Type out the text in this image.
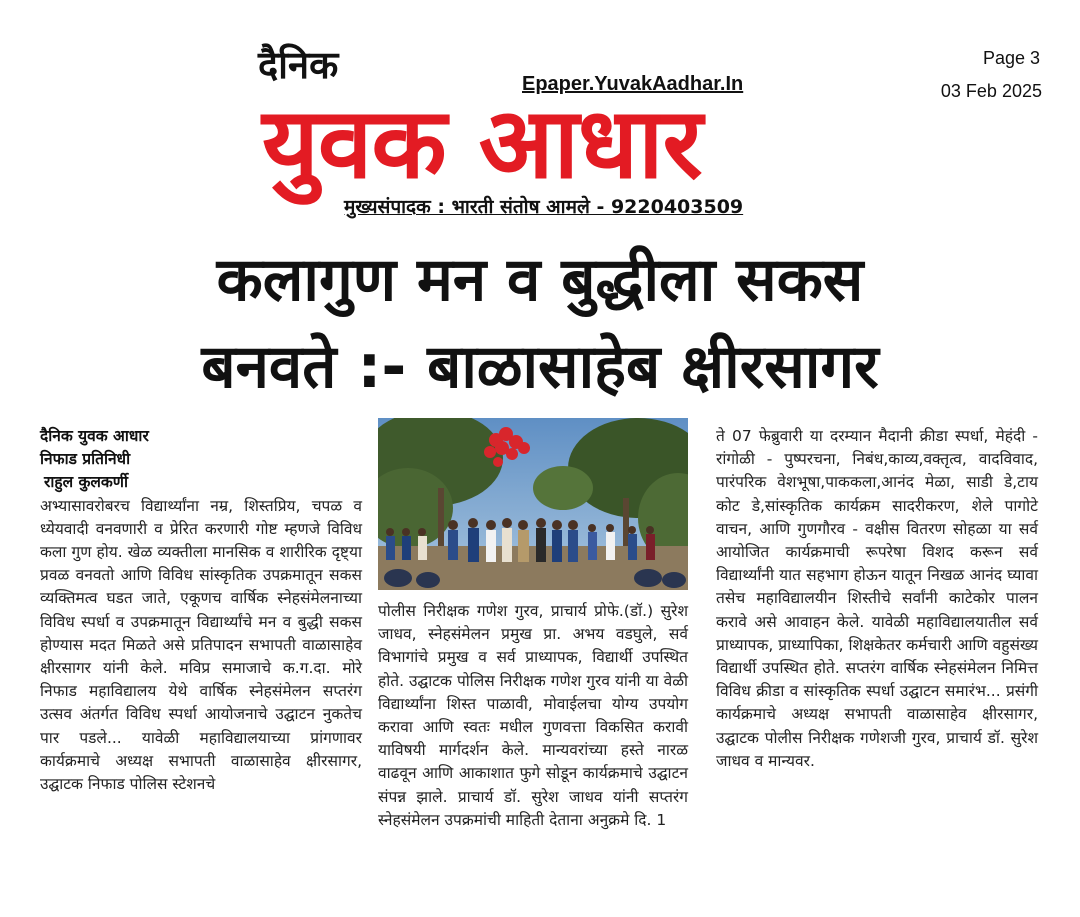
दैनिक	Epaper.YuvakAadhar.In
युवक आधार
मुख्यसंपादक : भारती संतोष आमले - 9220403509
Page 3
03 Feb 2025
कलागुण मन व बुद्धीला सकस
बनवते :- बाळासाहेब क्षीरसागर

दैनिक युवक आधार

निफाड प्रतिनिधी

राहुल कुलकर्णी

अभ्यासावरोबरच विद्यार्थ्यांना नम्र, शिस्तप्रिय, चपळ व ध्येयवादी वनवणारी व प्रेरित करणारी गोष्ट म्हणजे विविध कला गुण होय. खेळ व्यक्तीला मानसिक व शारीरिक दृष्ट्या प्रवळ वनवतो आणि विविध सांस्कृतिक उपक्रमातून सकस व्यक्तिमत्व घडत जाते, एकूणच वार्षिक स्नेहसंमेलनाच्या विविध स्पर्धा व उपक्रमातून विद्यार्थ्यांचे मन व बुद्धी सकस होण्यास मदत मिळते असे प्रतिपादन सभापती वाळासाहेव क्षीरसागर यांनी केले. मविप्र समाजाचे क.ग.दा. मोरे निफाड महाविद्यालय येथे वार्षिक स्नेहसंमेलन सप्तरंग उत्सव अंतर्गत विविध स्पर्धा आयोजनाचे उद्घाटन नुकतेच पार पडले... यावेळी महाविद्यालयाच्या प्रांगणावर कार्यक्रमाचे अध्यक्ष सभापती वाळासाहेव क्षीरसागर, उद्घाटक निफाड पोलिस स्टेशनचे

पोलीस निरीक्षक गणेश गुरव, प्राचार्य प्रोफे.(डॉ.) सुरेश जाधव, स्नेहसंमेलन प्रमुख प्रा. अभय वडघुले, सर्व विभागांचे प्रमुख व सर्व प्राध्यापक, विद्यार्थी उपस्थित होते. उद्घाटक पोलिस निरीक्षक गणेश गुरव यांनी या वेळी विद्यार्थ्यांना शिस्त पाळावी, मोवाईलचा योग्य उपयोग करावा आणि स्वतः मधील गुणवत्ता विकसित करावी याविषयी मार्गदर्शन केले. मान्यवरांच्या हस्ते नारळ वाढवून आणि आकाशात फुगे सोडून कार्यक्रमाचे उद्घाटन संपन्न झाले. प्राचार्य डॉ. सुरेश जाधव यांनी सप्तरंग स्नेहसंमेलन उपक्रमांची माहिती देताना अनुक्रमे दि. 1

ते 07 फेब्रुवारी या दरम्यान मैदानी क्रीडा स्पर्धा, मेहंदी - रांगोळी - पुष्परचना, निबंध,काव्य,वक्तृत्व, वादविवाद, पारंपरिक वेशभूषा,पाककला,आनंद मेळा, साडी डे,टाय कोट डे,सांस्कृतिक कार्यक्रम सादरीकरण, शेले पागोटे वाचन, आणि गुणगौरव - वक्षीस वितरण सोहळा या सर्व आयोजित कार्यक्रमाची रूपरेषा विशद करून सर्व विद्यार्थ्यांनी यात सहभाग होऊन यातून निखळ आनंद घ्यावा तसेच महाविद्यालयीन शिस्तीचे सर्वांनी काटेकोर पालन करावे असे आवाहन केले. यावेळी महाविद्यालयातील सर्व प्राध्यापक, प्राध्यापिका, शिक्षकेतर कर्मचारी आणि वहुसंख्य विद्यार्थी उपस्थित होते. सप्तरंग वार्षिक स्नेहसंमेलन निमित्त विविध क्रीडा व सांस्कृतिक स्पर्धा उद्घाटन समारंभ... प्रसंगी कार्यक्रमाचे अध्यक्ष सभापती वाळासाहेव क्षीरसागर, उद्घाटक पोलीस निरीक्षक गणेशजी गुरव, प्राचार्य डॉ. सुरेश जाधव व मान्यवर.
